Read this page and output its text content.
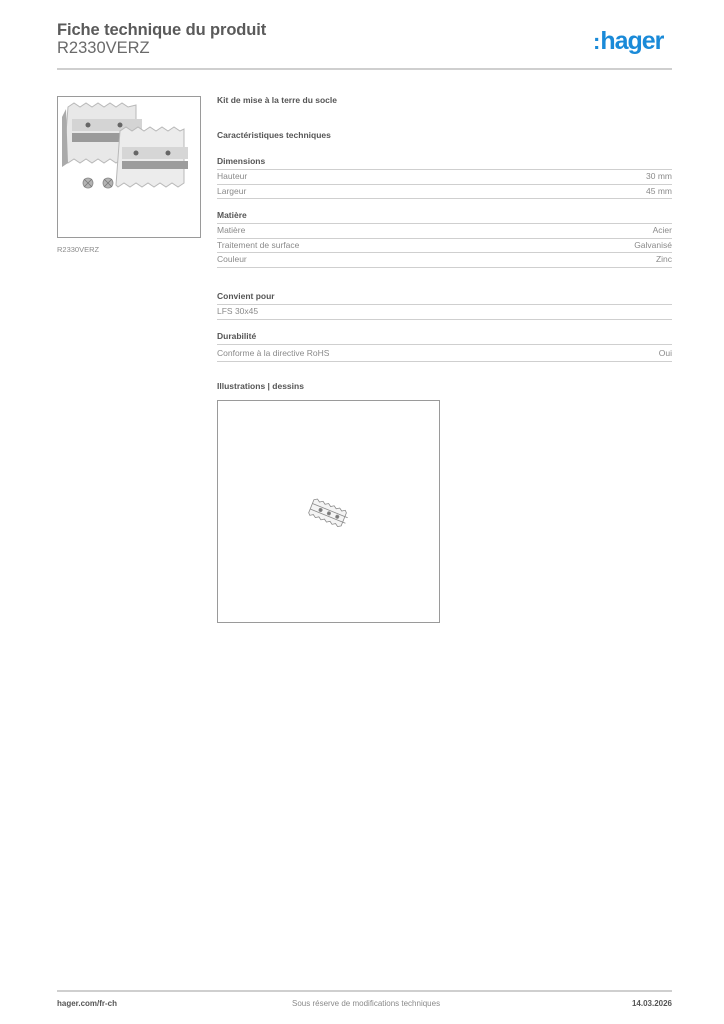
Fiche technique du produit
R2330VERZ	:hager
R2330VERZ
Kit de mise à la terre du socle
Caractéristiques techniques
Dimensions
Hauteur	30 mm
Largeur	45 mm
Matière
Matière	Acier
Traitement de surface	Galvanisé
Couleur	Zinc
Convient pour
LFS 30x45
Durabilité
Conforme à la directive RoHS	Oui
Illustrations | dessins
hager.com/fr-ch	Sous réserve de modifications techniques	14.03.2026
